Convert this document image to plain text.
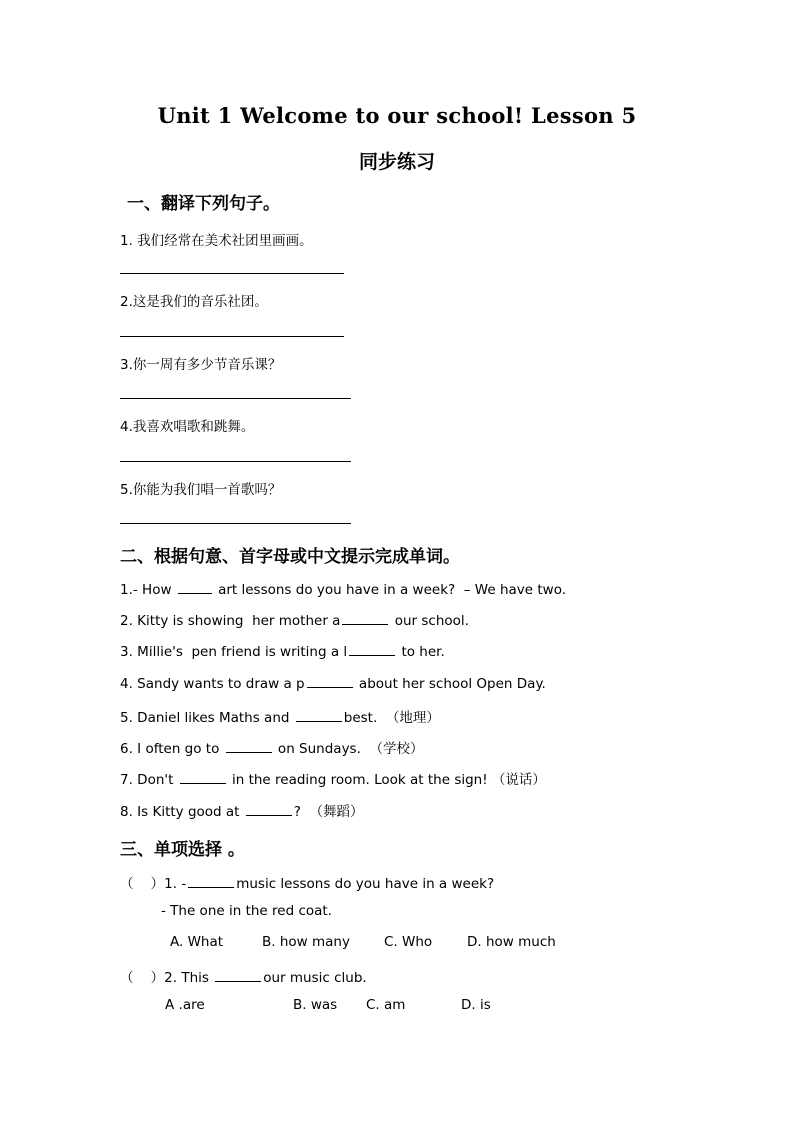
Unit 1 Welcome to our school! Lesson 5
同步练习
一、翻译下列句子。
1. 我们经常在美术社团里画画。
2.这是我们的音乐社团。
3.你一周有多少节音乐课？
4.我喜欢唱歌和跳舞。
5.你能为我们唱一首歌吗？
二、根据句意、首字母或中文提示完成单词。
1.- How	art lessons do you have in a week?  – We have two.
2. Kitty is showing  her mother a	our school.
3. Millie's  pen friend is writing a l	to her.
4. Sandy wants to draw a p	about her school Open Day.
5. Daniel likes Maths and	best.  （地理）
6. I often go to	on Sundays.  （学校）
7. Don't	in the reading room. Look at the sign! （说话）
8. Is Kitty good at	?  （舞蹈）
三、单项选择 。
（    ）1. -	music lessons do you have in a week?
- The one in the red coat.
A. What	B. how many	C. Who	D. how much
（    ）2. This	our music club.
A .are	B. was C. am	D. is
